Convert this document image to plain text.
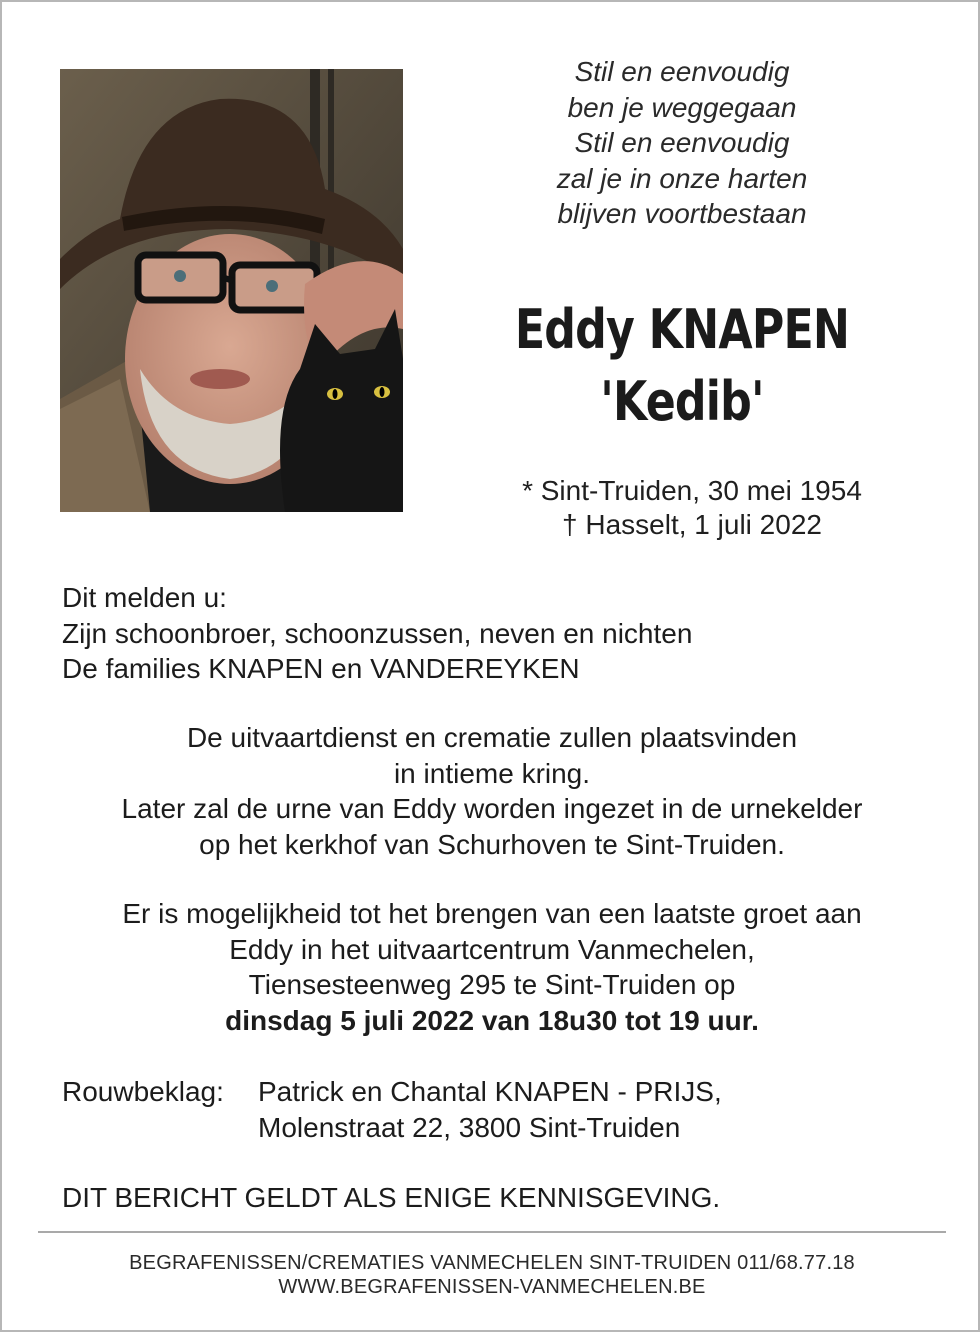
Stil en eenvoudig
ben je weggegaan
Stil en eenvoudig
zal je in onze harten
blijven voortbestaan
Eddy KNAPEN
'Kedib'
* Sint-Truiden, 30 mei 1954
† Hasselt, 1 juli 2022
Dit melden u:
Zijn schoonbroer, schoonzussen, neven en nichten
De families KNAPEN en VANDEREYKEN
De uitvaartdienst en crematie zullen plaatsvinden
in intieme kring.
Later zal de urne van Eddy worden ingezet in de urnekelder
op het kerkhof van Schurhoven te Sint-Truiden.
Er is mogelijkheid tot het brengen van een laatste groet aan
Eddy in het uitvaartcentrum Vanmechelen,
Tiensesteenweg 295 te Sint-Truiden op
dinsdag 5 juli 2022 van 18u30 tot 19 uur.
Rouwbeklag:	Patrick en Chantal KNAPEN - PRIJS,
Molenstraat 22, 3800 Sint-Truiden
DIT BERICHT GELDT ALS ENIGE KENNISGEVING.
BEGRAFENISSEN/CREMATIES VANMECHELEN SINT-TRUIDEN 011/68.77.18
WWW.BEGRAFENISSEN-VANMECHELEN.BE
